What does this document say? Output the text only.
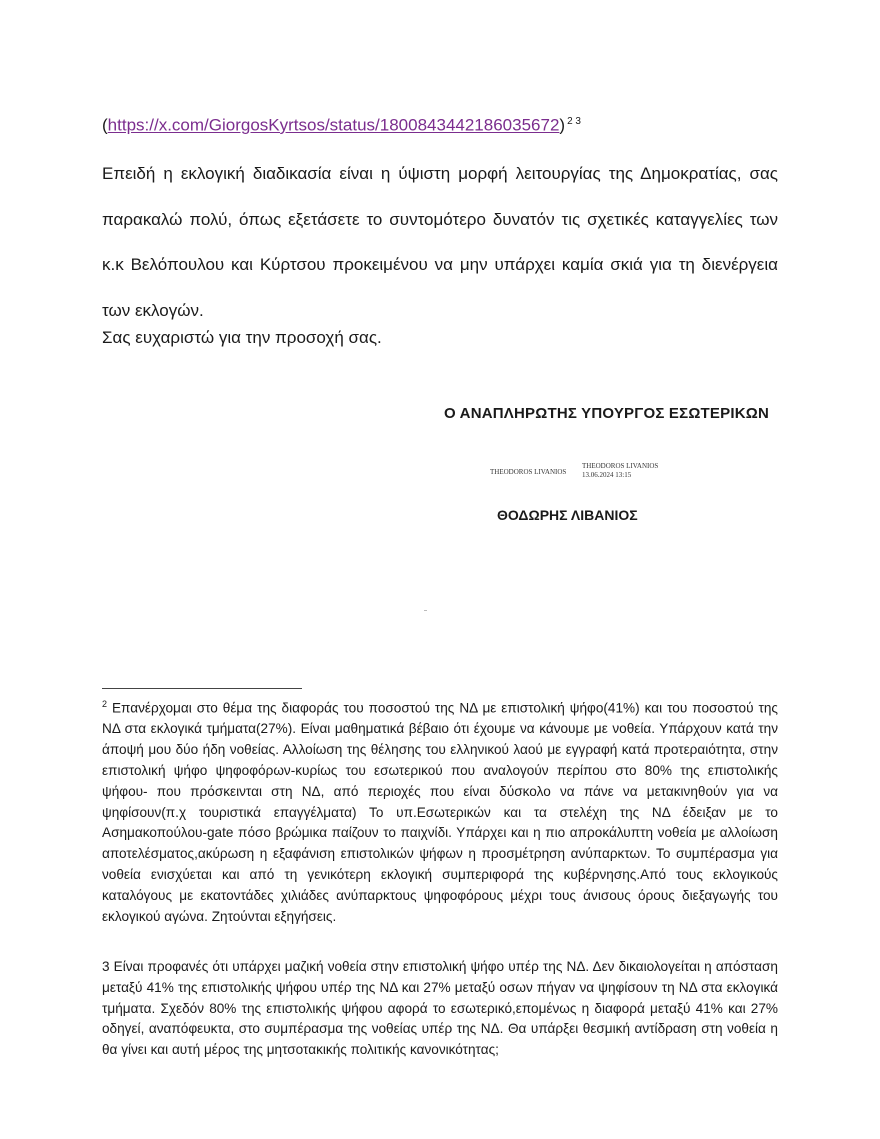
(https://x.com/GiorgosKyrtsos/status/1800843442186035672) $^{2 3}$

Επειδή η εκλογική διαδικασία είναι η ύψιστη μορφή λειτουργίας της Δημοκρατίας, σας παρακαλώ πολύ, όπως εξετάσετε το συντομότερο δυνατόν τις σχετικές καταγγελίες των κ.κ Βελόπουλου και Κύρτσου προκειμένου να μην υπάρχει καμία σκιά για τη διενέργεια των εκλογών.

Σας ευχαριστώ για την προσοχή σας.

Ο ΑΝΑΠΛΗΡΩΤΗΣ ΥΠΟΥΡΓΟΣ ΕΣΩΤΕΡΙΚΩΝ
THEODOROS LIVANIOS
THEODOROS LIVANIOS
13.06.2024 13:15
ΘΟΔΩΡΗΣ ΛΙΒΑΝΙΟΣ

$^2$ Επανέρχομαι στο θέμα της διαφοράς του ποσοστού της ΝΔ με επιστολική ψήφο(41%) και του ποσοστού της ΝΔ στα εκλογικά τμήματα(27%). Είναι μαθηματικά βέβαιο ότι έχουμε να κάνουμε με νοθεία. Υπάρχουν κατά την άποψή μου δύο ήδη νοθείας. Αλλοίωση της θέλησης του ελληνικού λαού με εγγραφή κατά προτεραιότητα, στην επιστολική ψήφο ψηφοφόρων-κυρίως του εσωτερικού που αναλογούν περίπου στο 80% της επιστολικής ψήφου- που πρόσκεινται στη ΝΔ, από περιοχές που είναι δύσκολο να πάνε να μετακινηθούν για να ψηφίσουν(π.χ τουριστικά επαγγέλματα) Το υπ.Εσωτερικών και τα στελέχη της ΝΔ έδειξαν με το Ασημακοπούλου-gate πόσο βρώμικα παίζουν το παιχνίδι. Υπάρχει και η πιο απροκάλυπτη νοθεία με αλλοίωση αποτελέσματος,ακύρωση η εξαφάνιση επιστολικών ψήφων η προσμέτρηση ανύπαρκτων. Το συμπέρασμα για νοθεία ενισχύεται και από τη γενικότερη εκλογική συμπεριφορά της κυβέρνησης.Από τους εκλογικούς καταλόγους με εκατοντάδες χιλιάδες ανύπαρκτους ψηφοφόρους μέχρι τους άνισους όρους διεξαγωγής του εκλογικού αγώνα. Ζητούνται εξηγήσεις.

3 Είναι προφανές ότι υπάρχει μαζική νοθεία στην επιστολική ψήφο υπέρ της ΝΔ. Δεν δικαιολογείται η απόσταση μεταξύ 41% της επιστολικής ψήφου υπέρ της ΝΔ και 27% μεταξύ οσων πήγαν να ψηφίσουν τη ΝΔ στα εκλογικά τμήματα. Σχεδόν 80% της επιστολικής ψήφου αφορά το εσωτερικό,επομένως η διαφορά μεταξύ 41% και 27% οδηγεί, αναπόφευκτα, στο συμπέρασμα της νοθείας υπέρ της ΝΔ. Θα υπάρξει θεσμική αντίδραση στη νοθεία η θα γίνει και αυτή μέρος της μητσοτακικής πολιτικής κανονικότητας;
